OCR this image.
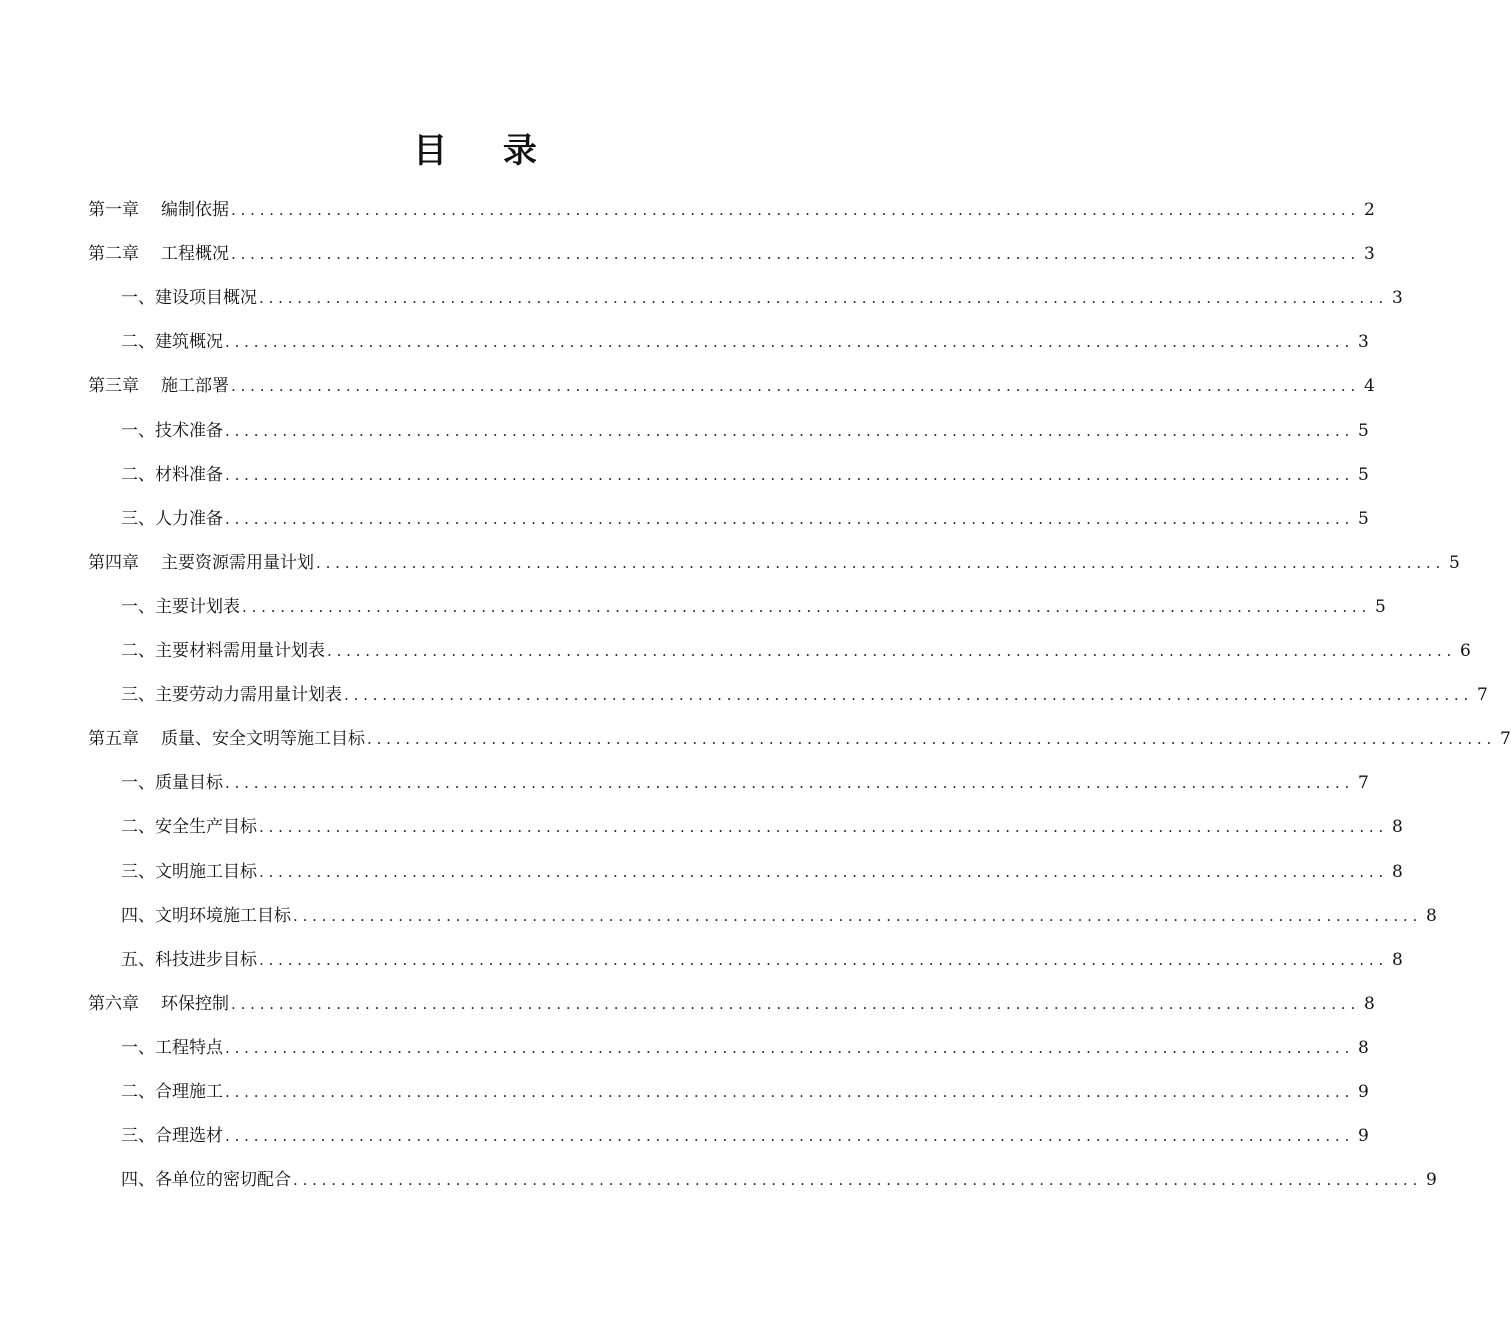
目 录
第一章 编制依据 ...................................................................................................................... 2
第二章 工程概况 ...................................................................................................................... 3
一、建设项目概况 ...................................................................................................................... 3
二、建筑概况 ...................................................................................................................... 3
第三章 施工部署 ...................................................................................................................... 4
一、技术准备 ...................................................................................................................... 5
二、材料准备 ...................................................................................................................... 5
三、人力准备 ...................................................................................................................... 5
第四章 主要资源需用量计划 ...................................................................................................................... 5
一、主要计划表 ...................................................................................................................... 5
二、主要材料需用量计划表 ...................................................................................................................... 6
三、主要劳动力需用量计划表 ...................................................................................................................... 7
第五章 质量、安全文明等施工目标 ...................................................................................................................... 7
一、质量目标 ...................................................................................................................... 7
二、安全生产目标 ...................................................................................................................... 8
三、文明施工目标 ...................................................................................................................... 8
四、文明环境施工目标 ...................................................................................................................... 8
五、科技进步目标 ...................................................................................................................... 8
第六章 环保控制 ...................................................................................................................... 8
一、工程特点 ...................................................................................................................... 8
二、合理施工 ...................................................................................................................... 9
三、合理选材 ...................................................................................................................... 9
四、各单位的密切配合 ...................................................................................................................... 9
